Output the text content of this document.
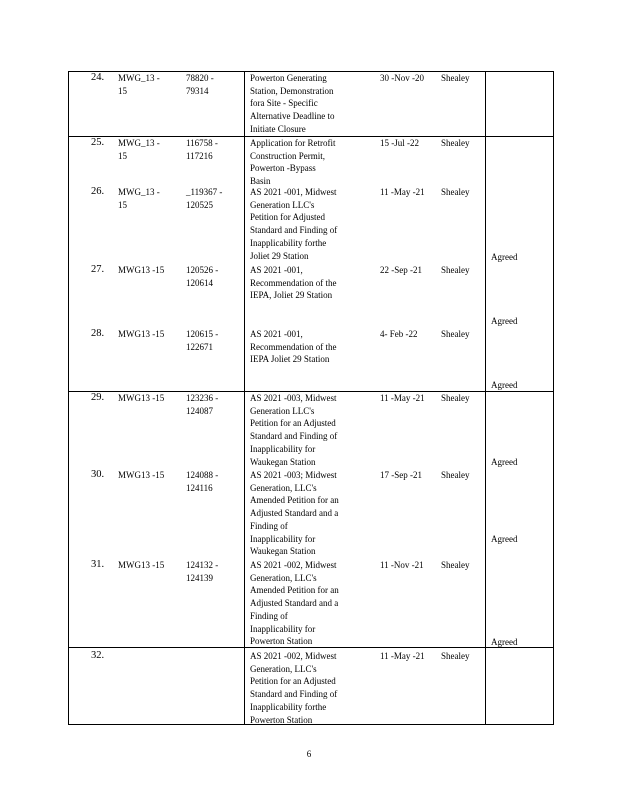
24. MWG_13 -
15
78820 -
79314
Powerton Generating
Station, Demonstration
fora Site - Specific
Alternative Deadline to
Initiate Closure
30 -Nov -20 Shealey
25. MWG_13 -
15
116758 -
117216
Application for Retrofit
Construction Permit,
Powerton -Bypass
Basin
15 -Jul -22 Shealey
26. MWG_13 -
15
_119367 -
120525
AS 2021 -001, Midwest
Generation LLC's
Petition for Adjusted
Standard and Finding of
Inapplicability forthe
Joliet 29 Station
11 -May -21 Shealey
Agreed
27. MWG13 -15 120526 -
120614
AS 2021 -001,
Recommendation of the
IEPA, Joliet 29 Station
22 -Sep -21 Shealey
Agreed
28. MWG13 -15 120615 -
122671
AS 2021 -001,
Recommendation of the
IEPA Joliet 29 Station
4- Feb -22	Shealey
Agreed
29. MWG13 -15 123236 -
124087
AS 2021 -003, Midwest
Generation LLC's
Petition for an Adjusted
Standard and Finding of
Inapplicability for
Waukegan Station
11 -May -21 Shealey
Agreed
30. MWG13 -15 124088 -
124116
AS 2021 -003; Midwest
Generation, LLC's
Amended Petition for an
Adjusted Standard and a
Finding of
Inapplicability for
Waukegan Station
17 -Sep -21 Shealey
Agreed
31. MWG13 -15 124132 -
124139
AS 2021 -002, Midwest
Generation, LLC's
Amended Petition for an
Adjusted Standard and a
Finding of
Inapplicability for
Powerton Station
11 -Nov -21 Shealey
Agreed
32.	AS 2021 -002, Midwest
Generation, LLC's
Petition for an Adjusted
Standard and Finding of
Inapplicability forthe
Powerton Station
11 -May -21 Shealey
6
